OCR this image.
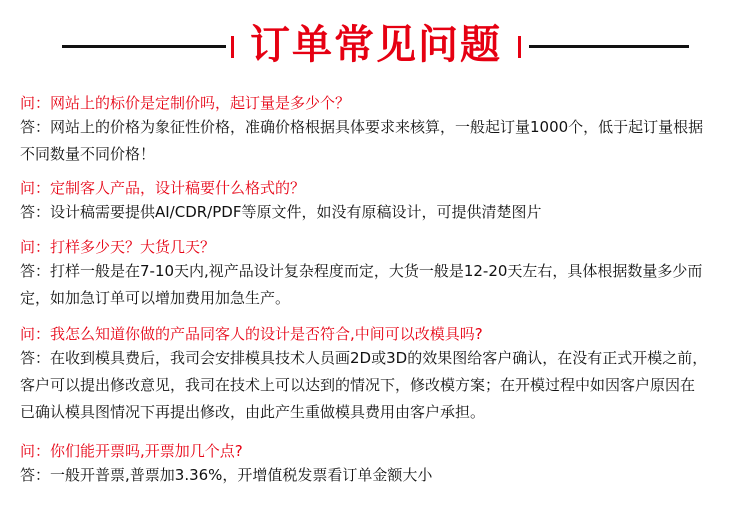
订单常见问题
问：网站上的标价是定制价吗，起订量是多少个？
答：网站上的价格为象征性价格，准确价格根据具体要求来核算，一般起订量1000个，低于起订量根据
不同数量不同价格！
问：定制客人产品，设计稿要什么格式的？
答：设计稿需要提供AI/CDR/PDF等原文件，如没有原稿设计，可提供清楚图片
问：打样多少天？大货几天？
答：打样一般是在7-10天内,视产品设计复杂程度而定，大货一般是12-20天左右，具体根据数量多少而
定，如加急订单可以增加费用加急生产。
问：我怎么知道你做的产品同客人的设计是否符合,中间可以改模具吗?
答：在收到模具费后，我司会安排模具技术人员画2D或3D的效果图给客户确认，在没有正式开模之前，
客户可以提出修改意见，我司在技术上可以达到的情况下，修改模方案；在开模过程中如因客户原因在
已确认模具图情况下再提出修改，由此产生重做模具费用由客户承担。
问：你们能开票吗,开票加几个点?
答：一般开普票,普票加3.36%，开增值税发票看订单金额大小
